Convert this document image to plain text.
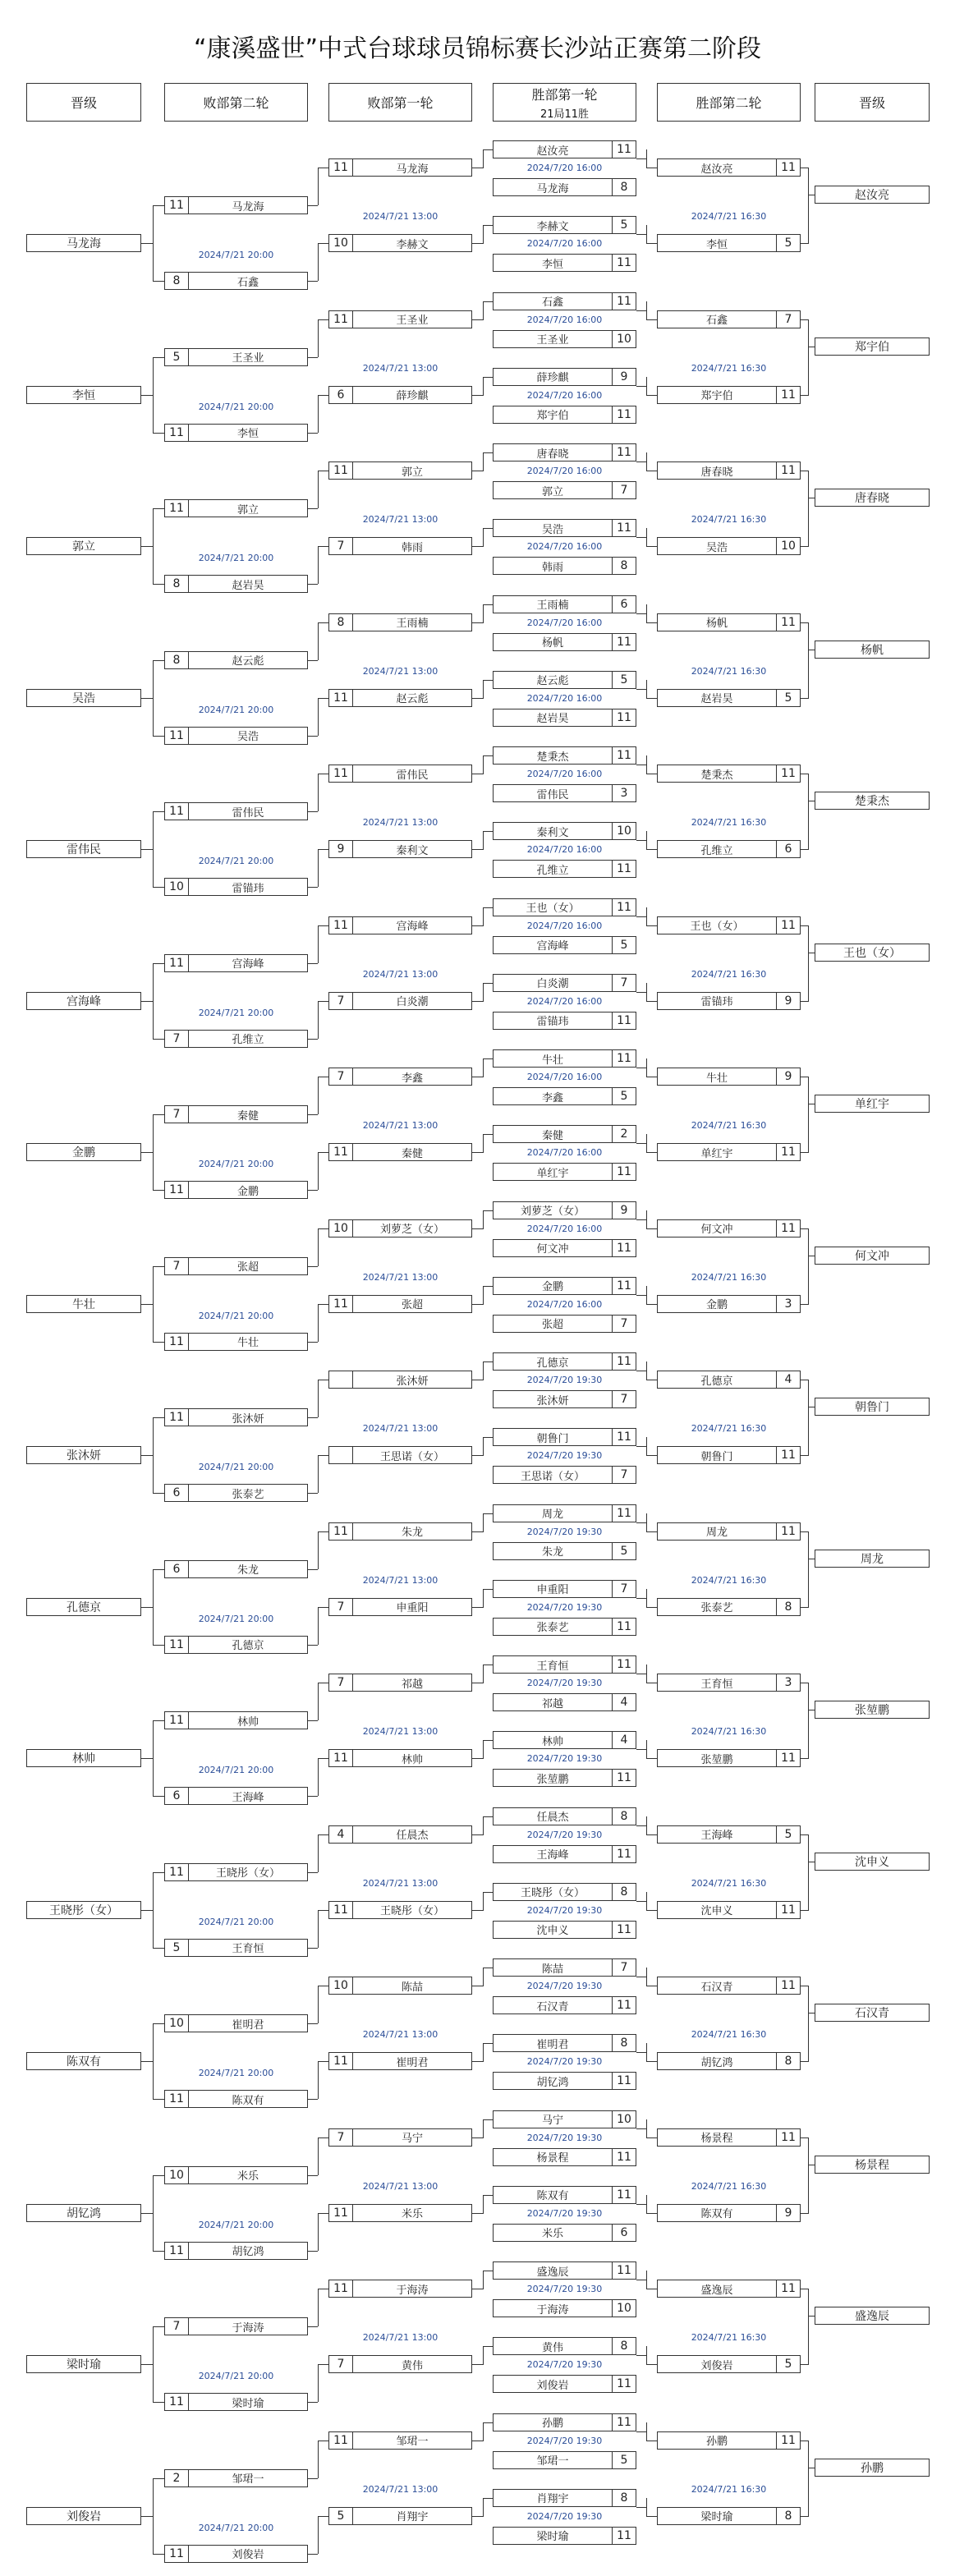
“康溪盛世”中式台球球员锦标赛长沙站正赛第二阶段
晋级	败部第二轮	败部第一轮
胜部第一轮
21局11胜
胜部第二轮	晋级
赵汝亮	11
马龙海	8
2024/7/20 16:00
李赫文	5
李恒	11
2024/7/20 16:00
赵汝亮	11
李恒	5
2024/7/21 16:30
赵汝亮
11	马龙海
10	李赫文
2024/7/21 13:00
11	马龙海
8	石鑫
2024/7/21 20:00
马龙海
石鑫	11
王圣业	10
2024/7/20 16:00
薛珍麒	9
郑宇伯	11
2024/7/20 16:00
石鑫	7
郑宇伯	11
2024/7/21 16:30
郑宇伯
11	王圣业
6	薛珍麒
2024/7/21 13:00
5	王圣业
11	李恒
2024/7/21 20:00
李恒
唐春晓	11
郭立	7
2024/7/20 16:00
吴浩	11
韩雨	8
2024/7/20 16:00
唐春晓	11
吴浩	10
2024/7/21 16:30
唐春晓
11	郭立
7	韩雨
2024/7/21 13:00
11	郭立
8	赵岩昊
2024/7/21 20:00
郭立
王雨楠	6
杨帆	11
2024/7/20 16:00
赵云彪	5
赵岩昊	11
2024/7/20 16:00
杨帆	11
赵岩昊	5
2024/7/21 16:30
杨帆
8	王雨楠
11	赵云彪
2024/7/21 13:00
8	赵云彪
11	吴浩
2024/7/21 20:00
吴浩
楚秉杰	11
雷伟民	3
2024/7/20 16:00
秦利文	10
孔维立	11
2024/7/20 16:00
楚秉杰	11
孔维立	6
2024/7/21 16:30
楚秉杰
11	雷伟民
9	秦利文
2024/7/21 13:00
11	雷伟民
10	雷锚玮
2024/7/21 20:00
雷伟民
王也（女）	11
宫海峰	5
2024/7/20 16:00
白炎潮	7
雷锚玮	11
2024/7/20 16:00
王也（女）	11
雷锚玮	9
2024/7/21 16:30
王也（女）
11	宫海峰
7	白炎潮
2024/7/21 13:00
11	宫海峰
7	孔维立
2024/7/21 20:00
宫海峰
牛壮	11
李鑫	5
2024/7/20 16:00
秦健	2
单红宇	11
2024/7/20 16:00
牛壮	9
单红宇	11
2024/7/21 16:30
单红宇
7	李鑫
11	秦健
2024/7/21 13:00
7	秦健
11	金鹏
2024/7/21 20:00
金鹏
刘萝芝（女）	9
何文冲	11
2024/7/20 16:00
金鹏	11
张超	7
2024/7/20 16:00
何文冲	11
金鹏	3
2024/7/21 16:30
何文冲
10	刘萝芝（女）
11	张超
2024/7/21 13:00
7	张超
11	牛壮
2024/7/21 20:00
牛壮
孔德京	11
张沐妍	7
2024/7/20 19:30
朝鲁门	11
王思诺（女）	7
2024/7/20 19:30
孔德京	4
朝鲁门	11
2024/7/21 16:30
朝鲁门
张沐妍
王思诺（女）
2024/7/21 13:00
11	张沐妍
6	张泰艺
2024/7/21 20:00
张沐妍
周龙	11
朱龙	5
2024/7/20 19:30
申重阳	7
张泰艺	11
2024/7/20 19:30
周龙	11
张泰艺	8
2024/7/21 16:30
周龙
11	朱龙
7	申重阳
2024/7/21 13:00
6	朱龙
11	孔德京
2024/7/21 20:00
孔德京
王育恒	11
祁越	4
2024/7/20 19:30
林帅	4
张堃鹏	11
2024/7/20 19:30
王育恒	3
张堃鹏	11
2024/7/21 16:30
张堃鹏
7	祁越
11	林帅
2024/7/21 13:00
11	林帅
6	王海峰
2024/7/21 20:00
林帅
任晨杰	8
王海峰	11
2024/7/20 19:30
王晓彤（女）	8
沈申义	11
2024/7/20 19:30
王海峰	5
沈申义	11
2024/7/21 16:30
沈申义
4	任晨杰
11	王晓彤（女）
2024/7/21 13:00
11	王晓彤（女）
5	王育恒
2024/7/21 20:00
王晓彤（女）
陈喆	7
石汉青	11
2024/7/20 19:30
崔明君	8
胡钇鸿	11
2024/7/20 19:30
石汉青	11
胡钇鸿	8
2024/7/21 16:30
石汉青
10	陈喆
11	崔明君
2024/7/21 13:00
10	崔明君
11	陈双有
2024/7/21 20:00
陈双有
马宁	10
杨景程	11
2024/7/20 19:30
陈双有	11
米乐	6
2024/7/20 19:30
杨景程	11
陈双有	9
2024/7/21 16:30
杨景程
7	马宁
11	米乐
2024/7/21 13:00
10	米乐
11	胡钇鸿
2024/7/21 20:00
胡钇鸿
盛逸辰	11
于海涛	10
2024/7/20 19:30
黄伟	8
刘俊岩	11
2024/7/20 19:30
盛逸辰	11
刘俊岩	5
2024/7/21 16:30
盛逸辰
11	于海涛
7	黄伟
2024/7/21 13:00
7	于海涛
11	梁时瑜
2024/7/21 20:00
梁时瑜
孙鹏	11
邹珺一	5
2024/7/20 19:30
肖翔宇	8
梁时瑜	11
2024/7/20 19:30
孙鹏	11
梁时瑜	8
2024/7/21 16:30
孙鹏
11	邹珺一
5	肖翔宇
2024/7/21 13:00
2	邹珺一
11	刘俊岩
2024/7/21 20:00
刘俊岩
